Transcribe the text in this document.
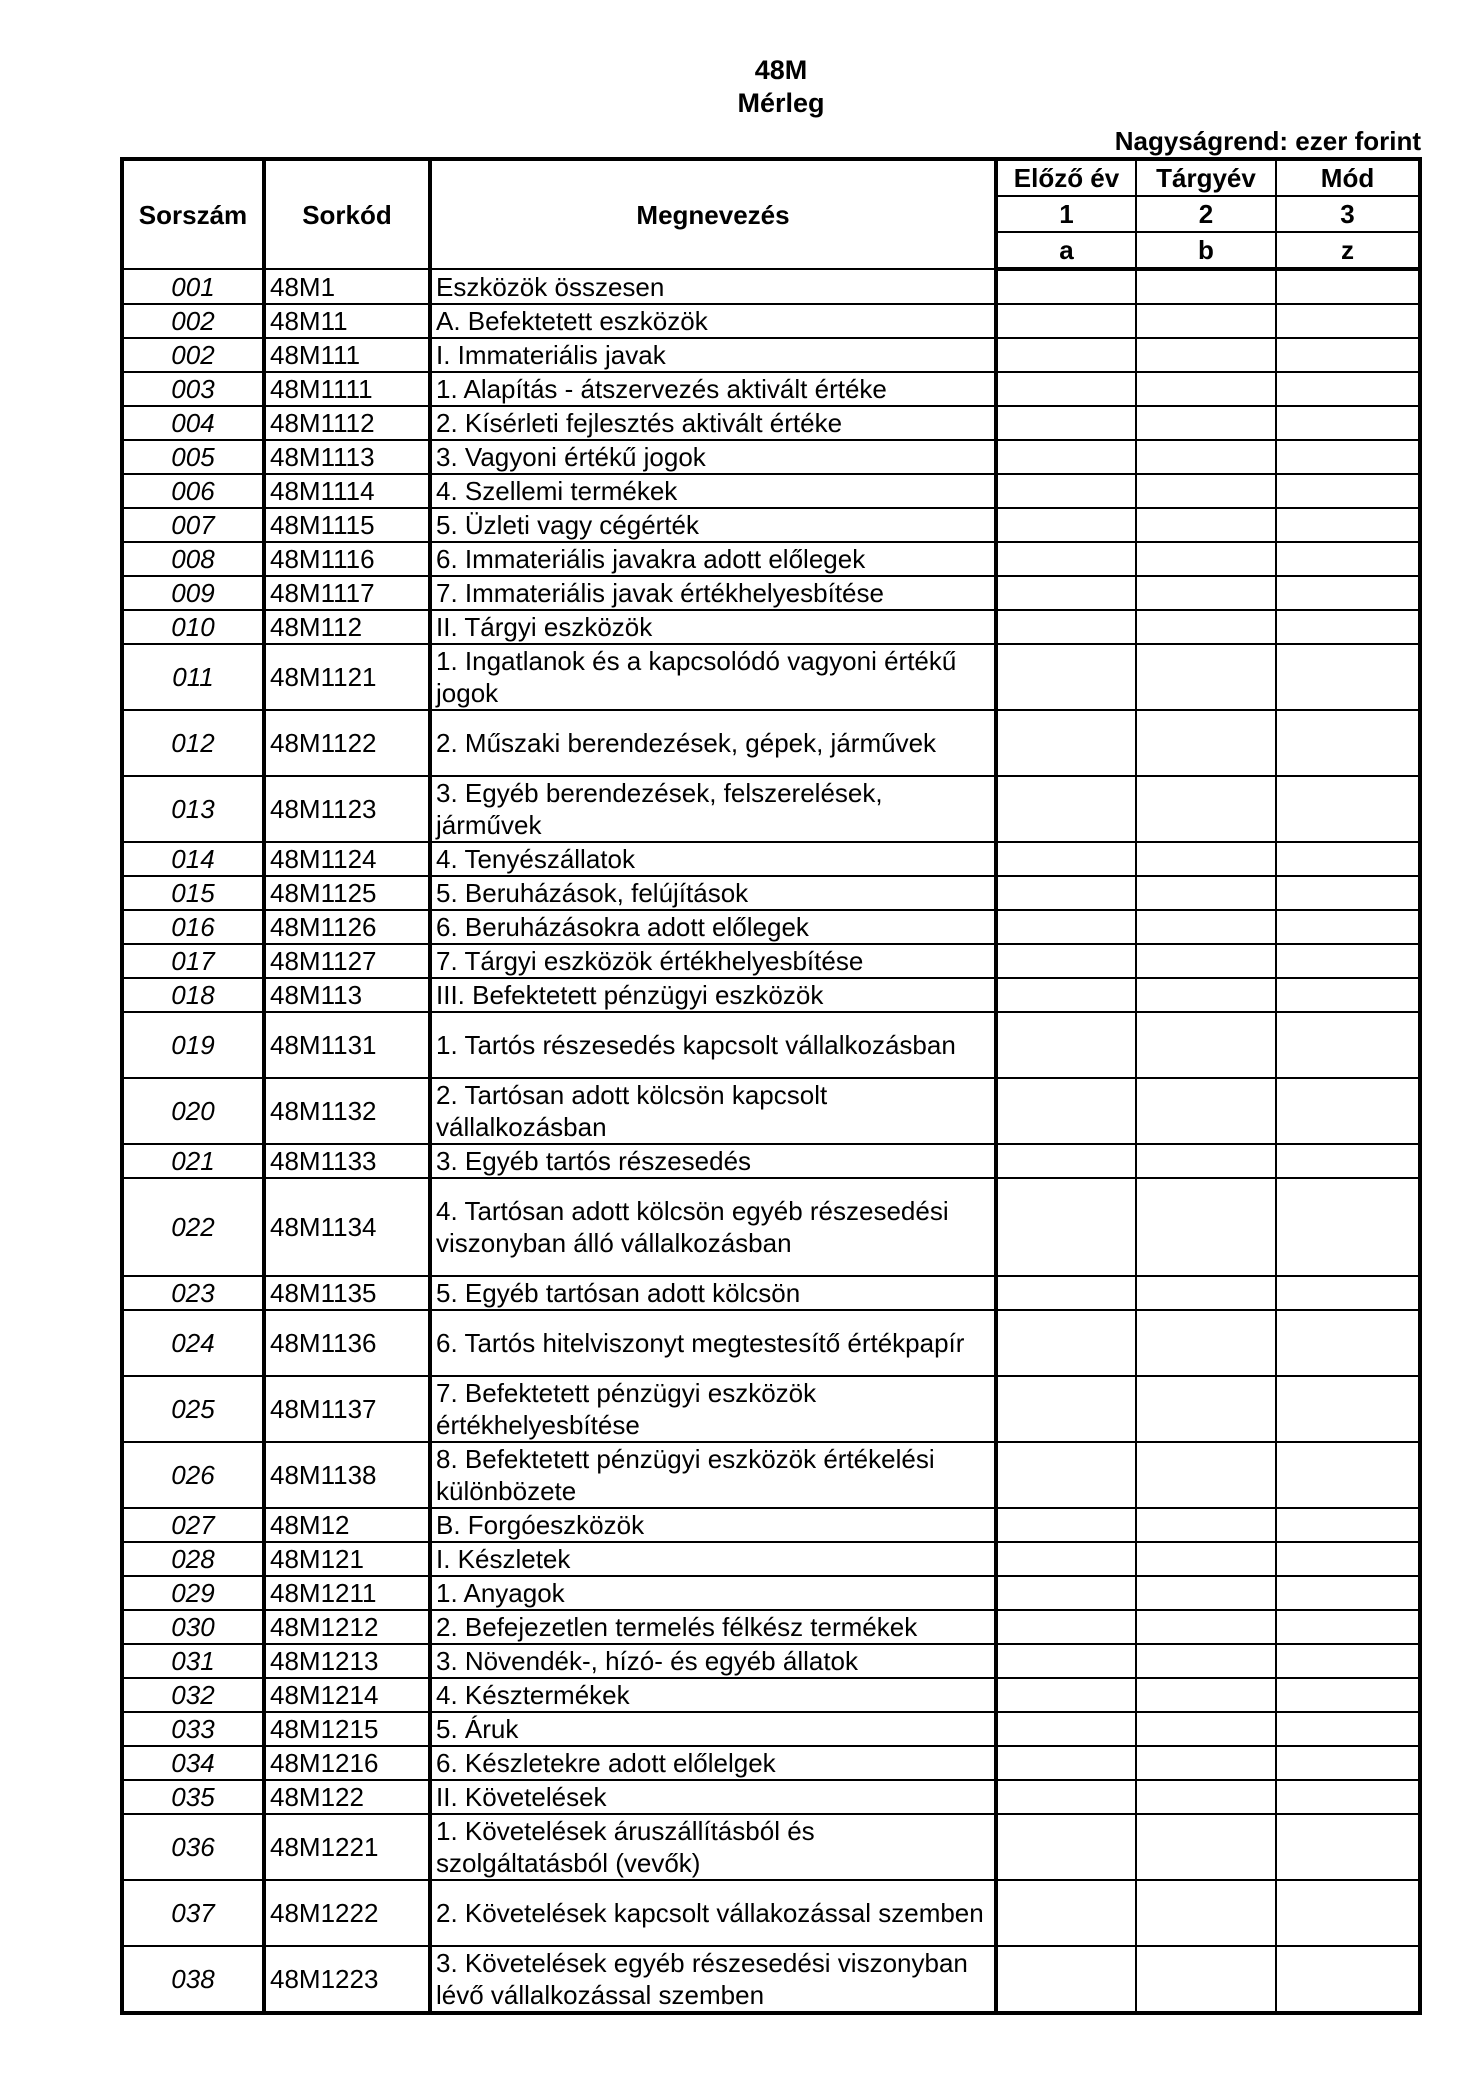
48M
Mérleg
Nagyságrend: ezer forint
Sorszám	Sorkód	Megnevezés	Előző év	Tárgyév	Mód
			1	2	3
			a	b	z
001	48M1	Eszközök összesen			
002	48M11	A. Befektetett eszközök			
002	48M111	I. Immateriális javak			
003	48M1111	1. Alapítás - átszervezés aktivált értéke			
004	48M1112	2. Kísérleti fejlesztés aktivált értéke			
005	48M1113	3. Vagyoni értékű jogok			
006	48M1114	4. Szellemi termékek			
007	48M1115	5. Üzleti vagy cégérték			
008	48M1116	6. Immateriális javakra adott előlegek			
009	48M1117	7. Immateriális javak értékhelyesbítése			
010	48M112	II. Tárgyi eszközök			
011	48M1121	1. Ingatlanok és a kapcsolódó vagyoni értékű jogok			
012	48M1122	2. Műszaki berendezések, gépek, járművek			
013	48M1123	3. Egyéb berendezések, felszerelések, járművek			
014	48M1124	4. Tenyészállatok			
015	48M1125	5. Beruházások, felújítások			
016	48M1126	6. Beruházásokra adott előlegek			
017	48M1127	7. Tárgyi eszközök értékhelyesbítése			
018	48M113	III. Befektetett pénzügyi eszközök			
019	48M1131	1. Tartós részesedés kapcsolt vállalkozásban			
020	48M1132	2. Tartósan adott kölcsön kapcsolt vállalkozásban			
021	48M1133	3. Egyéb tartós részesedés			
022	48M1134	4. Tartósan adott kölcsön egyéb részesedési viszonyban álló vállalkozásban			
023	48M1135	5. Egyéb tartósan adott kölcsön			
024	48M1136	6. Tartós hitelviszonyt megtestesítő értékpapír			
025	48M1137	7. Befektetett pénzügyi eszközök értékhelyesbítése			
026	48M1138	8. Befektetett pénzügyi eszközök értékelési különbözete			
027	48M12	B. Forgóeszközök			
028	48M121	I. Készletek			
029	48M1211	1. Anyagok			
030	48M1212	2. Befejezetlen termelés félkész termékek			
031	48M1213	3. Növendék-, hízó- és egyéb állatok			
032	48M1214	4. Késztermékek			
033	48M1215	5. Áruk			
034	48M1216	6. Készletekre adott előlelgek			
035	48M122	II. Követelések			
036	48M1221	1. Követelések áruszállításból és szolgáltatásból (vevők)			
037	48M1222	2. Követelések kapcsolt vállakozással szemben			
038	48M1223	3. Követelések egyéb részesedési viszonyban lévő vállalkozással szemben			
